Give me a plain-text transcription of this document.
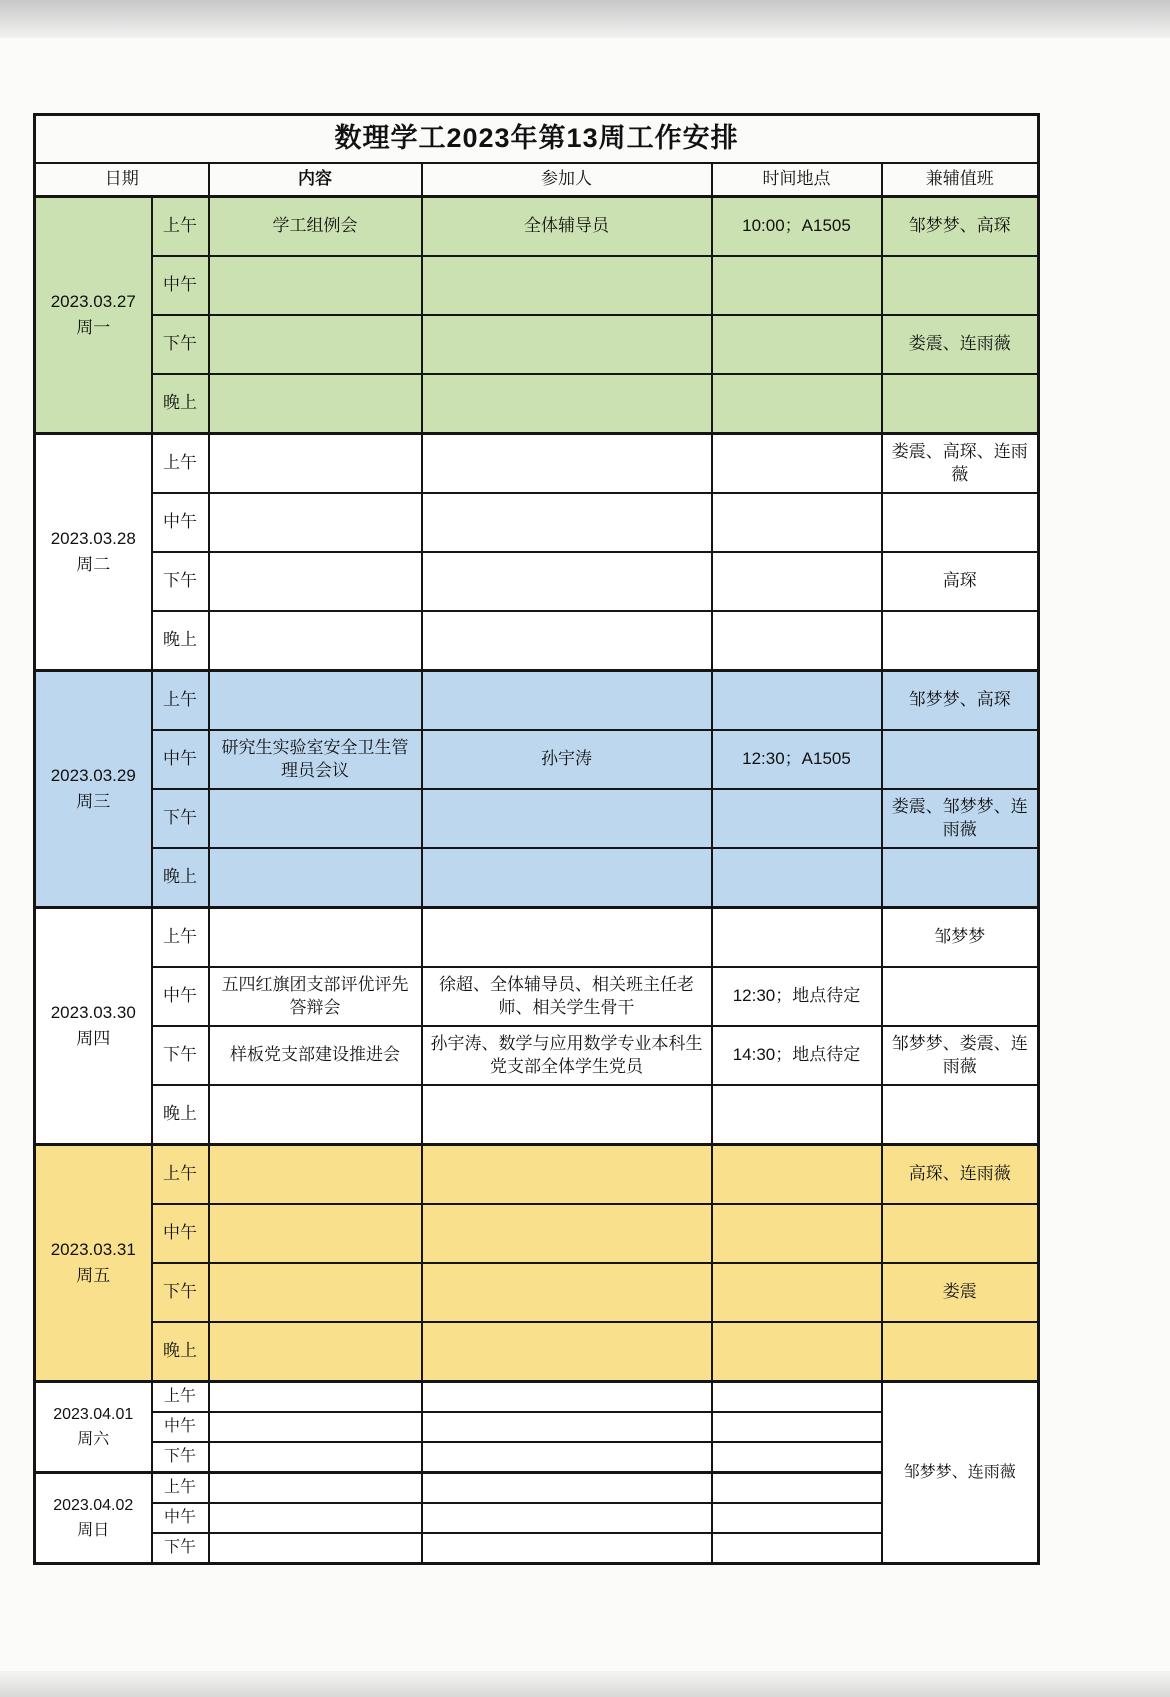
数理学工2023年第13周工作安排					
日期		内容	参加人	时间地点	兼辅值班

2023.03.27
周一	上午	学工组例会	全体辅导员	10:00；A1505	邹梦梦、高琛
	中午				
	下午				娄震、连雨薇
	晚上				

2023.03.28
周二	上午				娄震、高琛、连雨薇
	中午				
	下午				高琛
	晚上				

2023.03.29
周三	上午				邹梦梦、高琛
	中午	研究生实验室安全卫生管理员会议	孙宇涛	12:30；A1505	
	下午				娄震、邹梦梦、连雨薇
	晚上				

2023.03.30
周四	上午				邹梦梦
	中午	五四红旗团支部评优评先答辩会	徐超、全体辅导员、相关班主任老师、相关学生骨干	12:30；地点待定	
	下午	样板党支部建设推进会	孙宇涛、数学与应用数学专业本科生党支部全体学生党员	14:30；地点待定	邹梦梦、娄震、连雨薇
	晚上				

2023.03.31
周五	上午				高琛、连雨薇
	中午				
	下午				娄震
	晚上				

2023.04.01
周六	上午				邹梦梦、连雨薇
	中午				
	下午				

2023.04.02
周日	上午				
	中午				
	下午				
